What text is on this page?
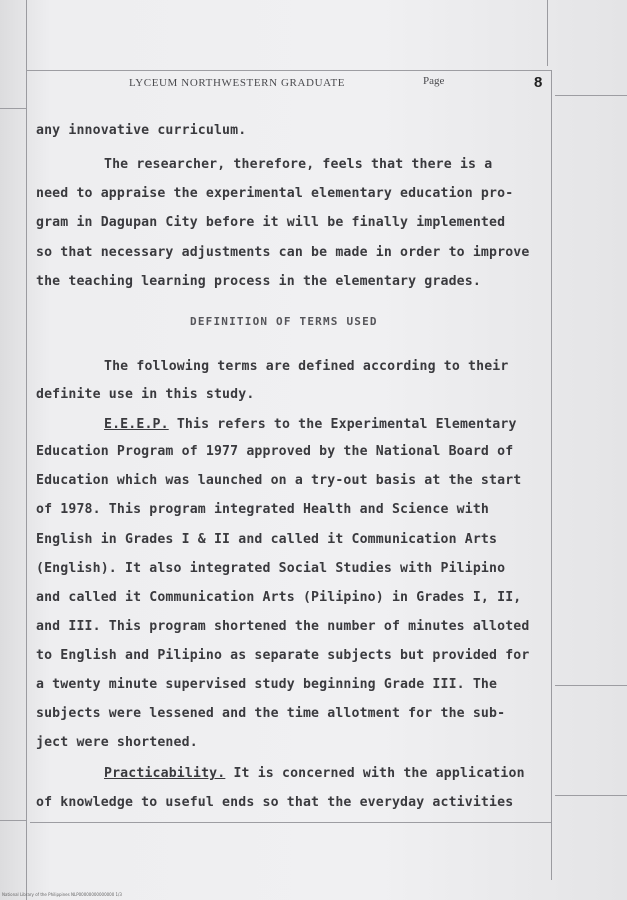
LYCEUM NORTHWESTERN GRADUATE	Page	8
any innovative curriculum.
The researcher, therefore, feels that there is a
need to appraise the experimental elementary education pro-
gram in Dagupan City before it will be finally implemented
so that necessary adjustments can be made in order to improve
the teaching learning process in the elementary grades.
DEFINITION OF TERMS USED
The following terms are defined according to their
definite use in this study.
E.E.E.P. This refers to the Experimental Elementary
Education Program of 1977 approved by the National Board of
Education which was launched on a try-out basis at the start
of 1978. This program integrated Health and Science with
English in Grades I & II and called it Communication Arts
(English). It also integrated Social Studies with Pilipino
and called it Communication Arts (Pilipino) in Grades I, II,
and III. This program shortened the number of minutes alloted
to English and Pilipino as separate subjects but provided for
a twenty minute supervised study beginning Grade III. The
subjects were lessened and the time allotment for the sub-
ject were shortened.
Practicability. It is concerned with the application
of knowledge to useful ends so that the everyday activities
National Library of the Philippines NLP00000000000000 1/3
